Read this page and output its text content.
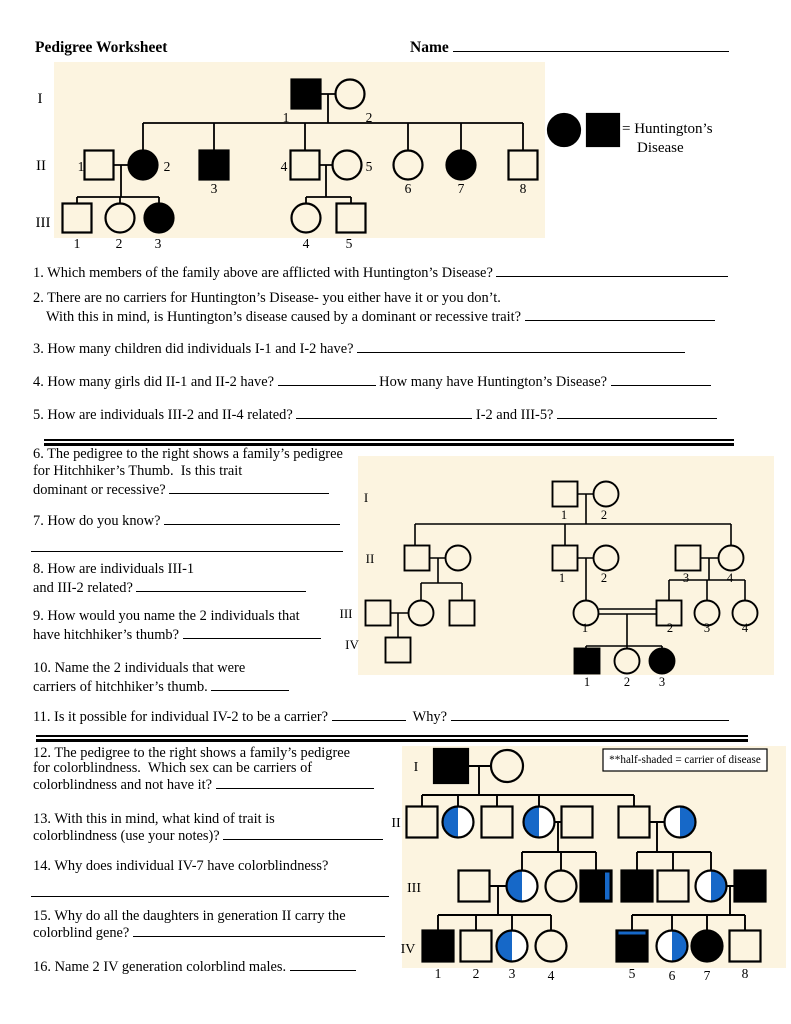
Pedigree Worksheet	Name
I
II
III
1	2
1	2
3
4	5
6	7	8
1	2 3	4	5
I
II
III
IV
1	2
1	2	3	4
1	2 3	4
1	2 3
I
II
III
IV
1 2 3 4	5 6 7 8
= Huntington’s
Disease
**half-shaded = carrier of disease
1. Which members of the family above are afflicted with Huntington’s Disease?
2. There are no carriers for Huntington’s Disease- you either have it or you don’t.
With this in mind, is Huntington’s disease caused by a dominant or recessive trait?
3. How many children did individuals I-1 and I-2 have?
4. How many girls did II-1 and II-2 have?	How many have Huntington’s Disease?
5. How are individuals III-2 and II-4 related?	I-2 and III-5?
6. The pedigree to the right shows a family’s pedigree
for Hitchhiker’s Thumb.  Is this trait
dominant or recessive?
7. How do you know?
8. How are individuals III-1
and III-2 related?
9. How would you name the 2 individuals that
have hitchhiker’s thumb?
10. Name the 2 individuals that were
carriers of hitchhiker’s thumb.
11. Is it possible for individual IV-2 to be a carrier?	Why?
12. The pedigree to the right shows a family’s pedigree
for colorblindness.  Which sex can be carriers of
colorblindness and not have it?
13. With this in mind, what kind of trait is
colorblindness (use your notes)?
14. Why does individual IV-7 have colorblindness?
15. Why do all the daughters in generation II carry the
colorblind gene?
16. Name 2 IV generation colorblind males.
